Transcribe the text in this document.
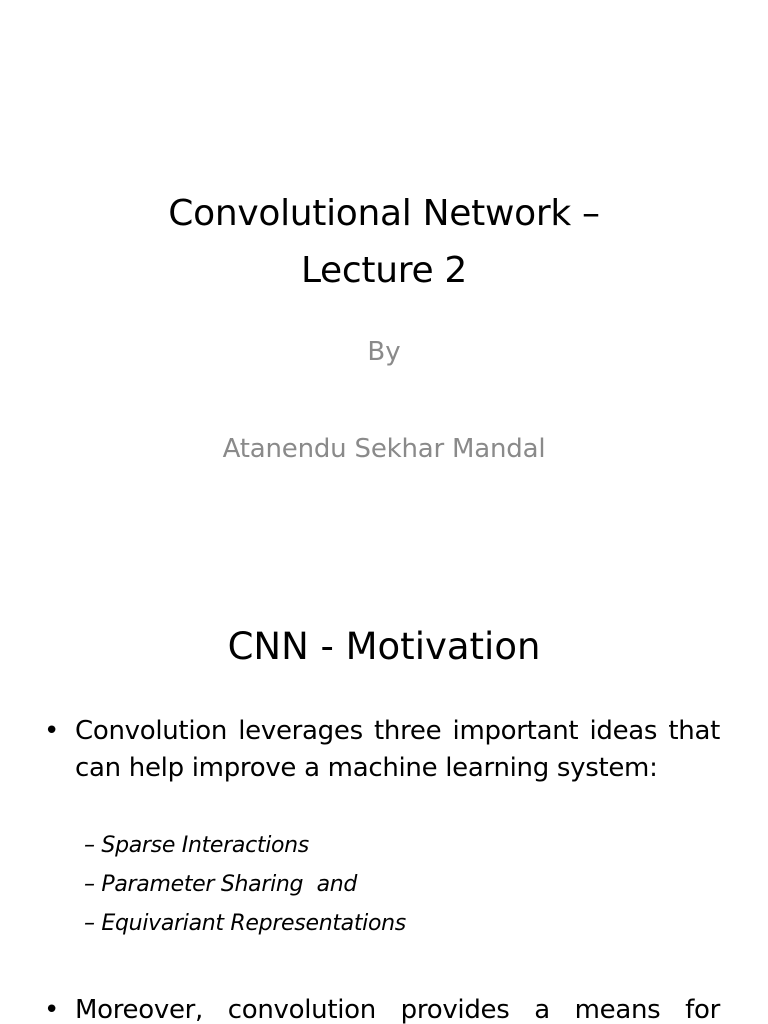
Convolutional Network –
Lecture 2
By
Atanendu Sekhar Mandal
CNN - Motivation
• Convolution leverages three important ideas that can help improve a machine learning system:
– Sparse Interactions
– Parameter Sharing  and
– Equivariant Representations
• Moreover, convolution provides a means for
